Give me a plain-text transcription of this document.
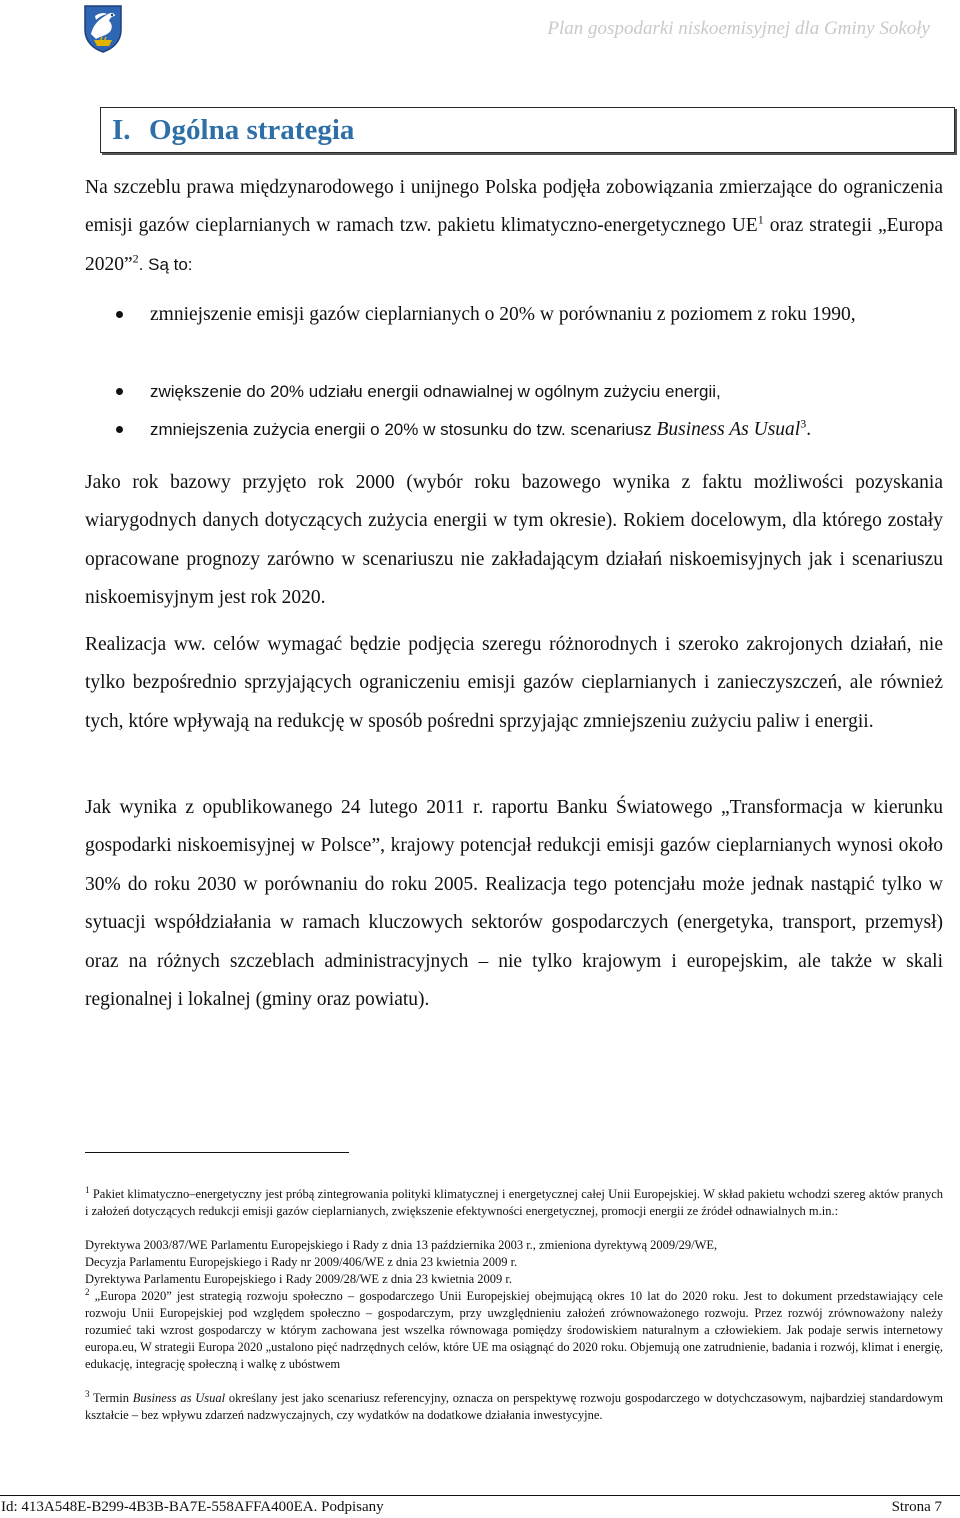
Plan gospodarki niskoemisyjnej dla Gminy Sokoły
I. Ogólna strategia

Na szczeblu prawa międzynarodowego i unijnego Polska podjęła zobowiązania zmierzające do ograniczenia emisji gazów cieplarnianych w ramach tzw. pakietu klimatyczno-energetycznego $UE^1$ oraz strategii „Europa 2020”$^2$. Są to:

zmniejszenie emisji gazów cieplarnianych o 20% w porównaniu z poziomem z roku 1990,
zwiększenie do 20% udziału energii odnawialnej w ogólnym zużyciu energii,
zmniejszenia zużycia energii o 20% w stosunku do tzw. scenariusz Business As Usual$^3$.

Jako rok bazowy przyjęto rok 2000 (wybór roku bazowego wynika z faktu możliwości pozyskania wiarygodnych danych dotyczących zużycia energii w tym okresie). Rokiem docelowym, dla którego zostały opracowane prognozy zarówno w scenariuszu nie zakładającym działań niskoemisyjnych jak i scenariuszu niskoemisyjnym jest rok 2020.

Realizacja ww. celów wymagać będzie podjęcia szeregu różnorodnych i szeroko zakrojonych działań, nie tylko bezpośrednio sprzyjających ograniczeniu emisji gazów cieplarnianych i zanieczyszczeń, ale również tych, które wpływają na redukcję w sposób pośredni sprzyjając zmniejszeniu zużyciu paliw i energii.

Jak wynika z opublikowanego 24 lutego 2011 r. raportu Banku Światowego „Transformacja w kierunku gospodarki niskoemisyjnej w Polsce”, krajowy potencjał redukcji emisji gazów cieplarnianych wynosi około 30% do roku 2030 w porównaniu do roku 2005. Realizacja tego potencjału może jednak nastąpić tylko w sytuacji współdziałania w ramach kluczowych sektorów gospodarczych (energetyka, transport, przemysł) oraz na różnych szczeblach administracyjnych – nie tylko krajowym i europejskim, ale także w skali regionalnej i lokalnej (gminy oraz powiatu).

$^1$ Pakiet klimatyczno–energetyczny jest próbą zintegrowania polityki klimatycznej i energetycznej całej Unii Europejskiej. W skład pakietu wchodzi szereg aktów pranych i założeń dotyczących redukcji emisji gazów cieplarnianych, zwiększenie efektywności energetycznej, promocji energii ze źródeł odnawialnych m.in.:

Dyrektywa 2003/87/WE Parlamentu Europejskiego i Rady z dnia 13 października 2003 r., zmieniona dyrektywą 2009/29/WE,

Decyzja Parlamentu Europejskiego i Rady nr 2009/406/WE z dnia 23 kwietnia 2009 r.

Dyrektywa Parlamentu Europejskiego i Rady 2009/28/WE z dnia 23 kwietnia 2009 r.

$^2$ „Europa 2020” jest strategią rozwoju społeczno – gospodarczego Unii Europejskiej obejmującą okres 10 lat do 2020 roku. Jest to dokument przedstawiający cele rozwoju Unii Europejskiej pod względem społeczno – gospodarczym, przy uwzględnieniu założeń zrównoważonego rozwoju. Przez rozwój zrównoważony należy rozumieć taki wzrost gospodarczy w którym zachowana jest wszelka równowaga pomiędzy środowiskiem naturalnym a człowiekiem. Jak podaje serwis internetowy europa.eu, W strategii Europa 2020 „ustalono pięć nadrzędnych celów, które UE ma osiągnąć do 2020 roku. Objemują one zatrudnienie, badania i rozwój, klimat i energię, edukację, integrację społeczną i walkę z ubóstwem

$^3$ Termin Business as Usual określany jest jako scenariusz referencyjny, oznacza on perspektywę rozwoju gospodarczego w dotychczasowym, najbardziej standardowym kształcie – bez wpływu zdarzeń nadzwyczajnych, czy wydatków na dodatkowe działania inwestycyjne.

Id: 413A548E-B299-4B3B-BA7E-558AFFA400EA. Podpisany	Strona 7
